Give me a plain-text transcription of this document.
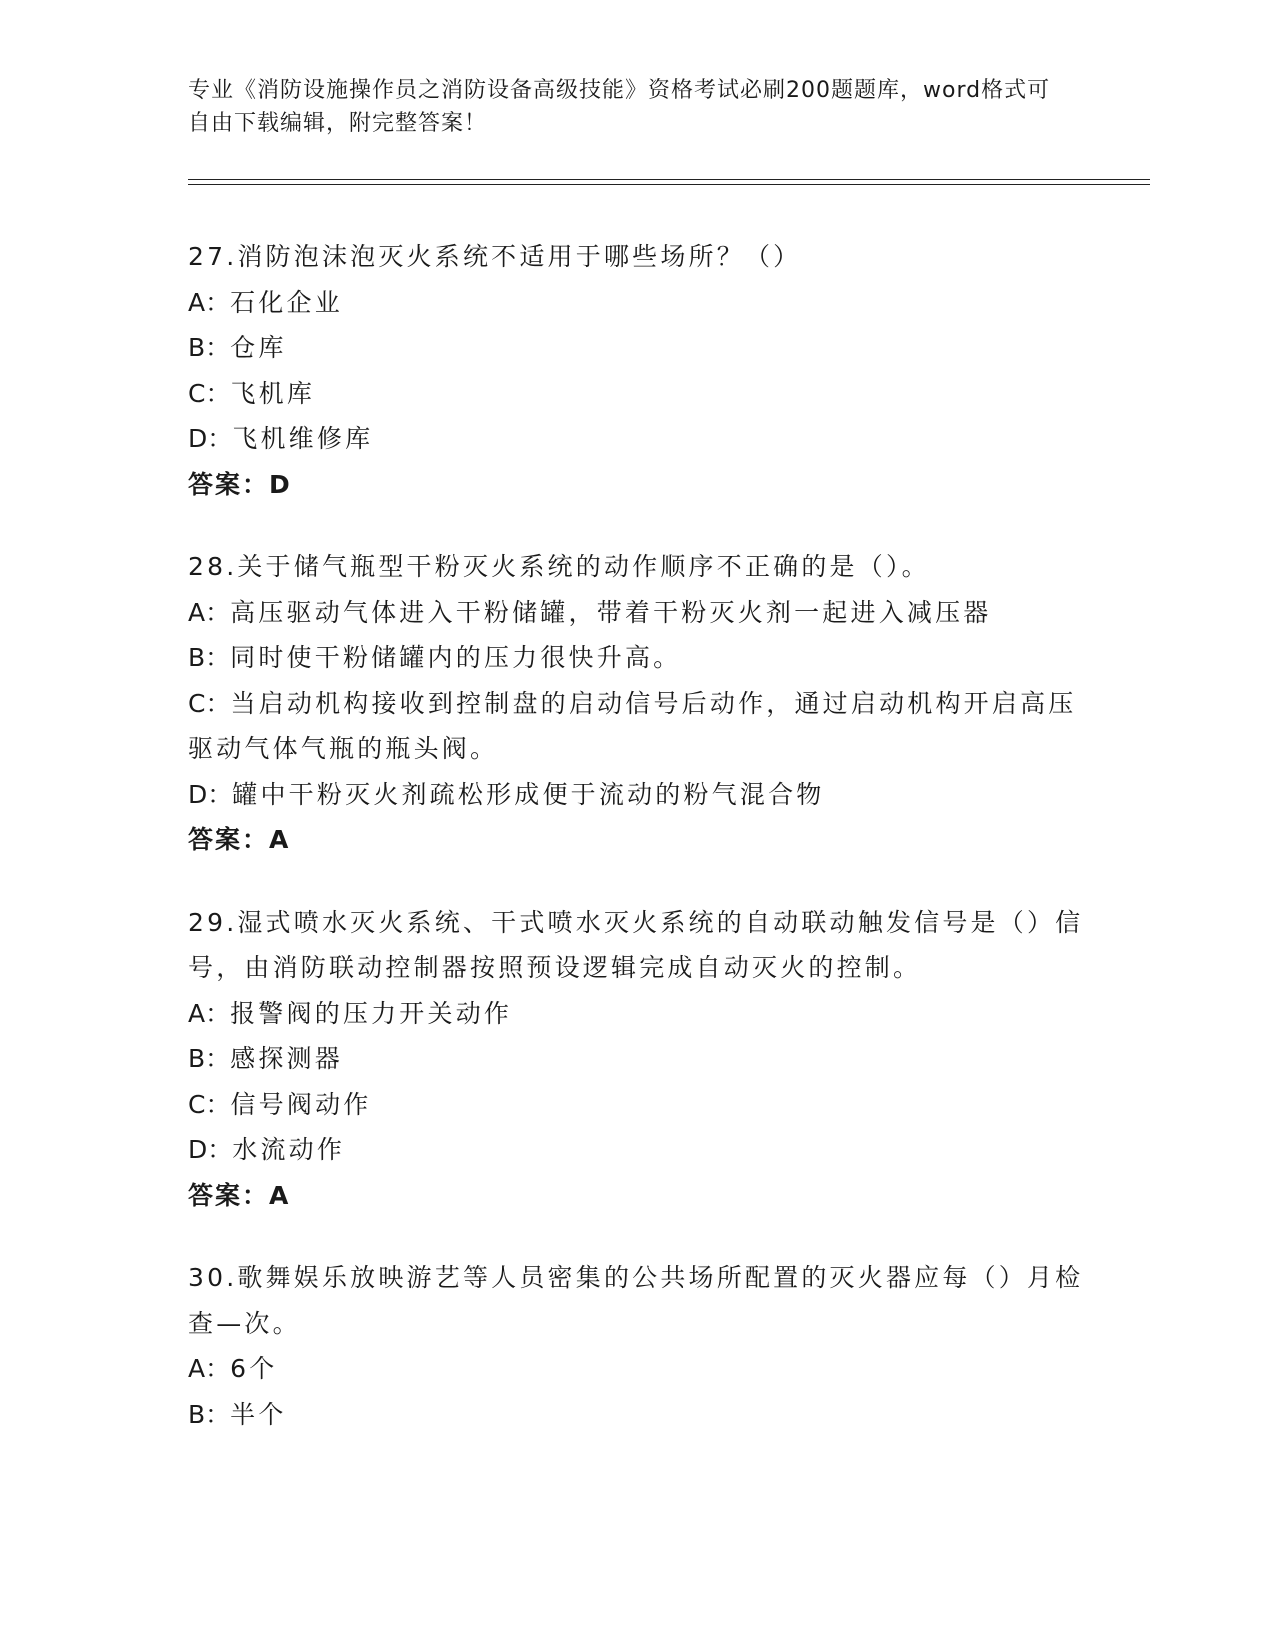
专业《消防设施操作员之消防设备高级技能》资格考试必刷200题题库，word格式可自由下载编辑，附完整答案！
27.消防泡沫泡灭火系统不适用于哪些场所？（）
A：石化企业
B：仓库
C：飞机库
D：飞机维修库
答案：D
28.关于储气瓶型干粉灭火系统的动作顺序不正确的是（）。
A：高压驱动气体进入干粉储罐，带着干粉灭火剂一起进入减压器
B：同时使干粉储罐内的压力很快升高。
C：当启动机构接收到控制盘的启动信号后动作，通过启动机构开启高压驱动气体气瓶的瓶头阀。
D：罐中干粉灭火剂疏松形成便于流动的粉气混合物
答案：A
29.湿式喷水灭火系统、干式喷水灭火系统的自动联动触发信号是（）信号，由消防联动控制器按照预设逻辑完成自动灭火的控制。
A：报警阀的压力开关动作
B：感探测器
C：信号阀动作
D：水流动作
答案：A
30.歌舞娱乐放映游艺等人员密集的公共场所配置的灭火器应每（）月检查—次。
A：6个
B：半个
